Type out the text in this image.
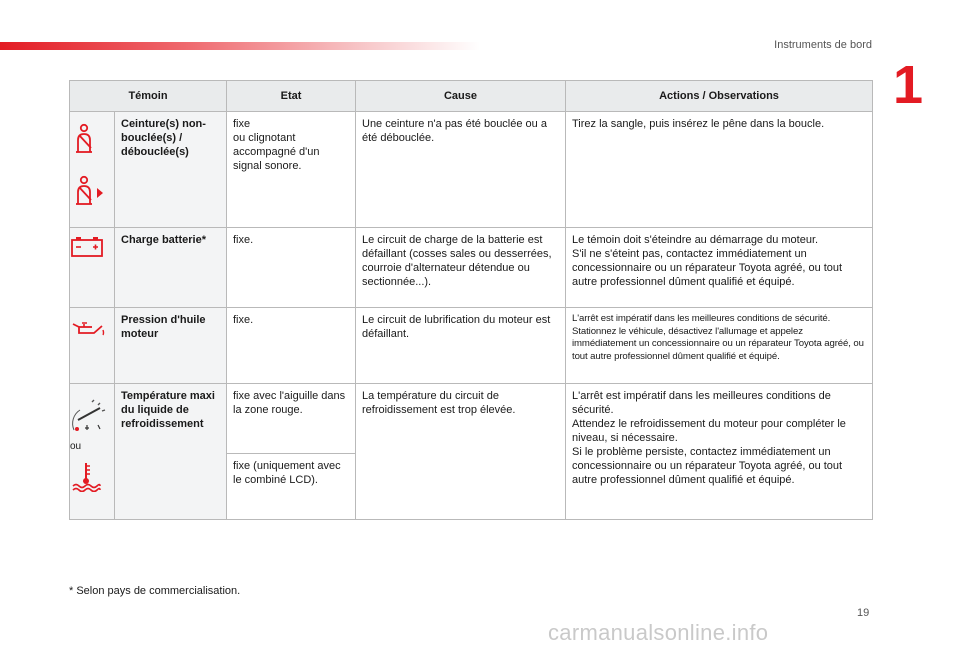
Instruments de bord
1
Témoin		Etat	Cause	Actions / Observations

	Ceinture(s) non-bouclée(s) / débouclée(s)	fixe
ou clignotant accompagné d'un signal sonore.	Une ceinture n'a pas été bouclée ou a été débouclée.	Tirez la sangle, puis insérez le pêne dans la boucle.
	Charge batterie*	fixe.	Le circuit de charge de la batterie est défaillant (cosses sales ou desserrées, courroie d'alternateur détendue ou sectionnée...).	Le témoin doit s'éteindre au démarrage du moteur.
S'il ne s'éteint pas, contactez immédiatement un concessionnaire ou un réparateur Toyota agréé, ou tout autre professionnel dûment qualifié et équipé.
	Pression d'huile moteur	fixe.	Le circuit de lubrification du moteur est défaillant.	L'arrêt est impératif dans les meilleures conditions de sécurité.
Stationnez le véhicule, désactivez l'allumage et appelez immédiatement un concessionnaire ou un réparateur Toyota agréé, ou tout autre professionnel dûment qualifié et équipé.

ou	Température maxi du liquide de refroidissement	fixe avec l'aiguille dans la zone rouge.	La température du circuit de refroidissement est trop élevée.	L'arrêt est impératif dans les meilleures conditions de sécurité.
Attendez le refroidissement du moteur pour compléter le niveau, si nécessaire.
Si le problème persiste, contactez immédiatement un concessionnaire ou un réparateur Toyota agréé, ou tout autre professionnel dûment qualifié et équipé.
		fixe (uniquement avec le combiné LCD).		
* Selon pays de commercialisation.
19
carmanualsonline.info
